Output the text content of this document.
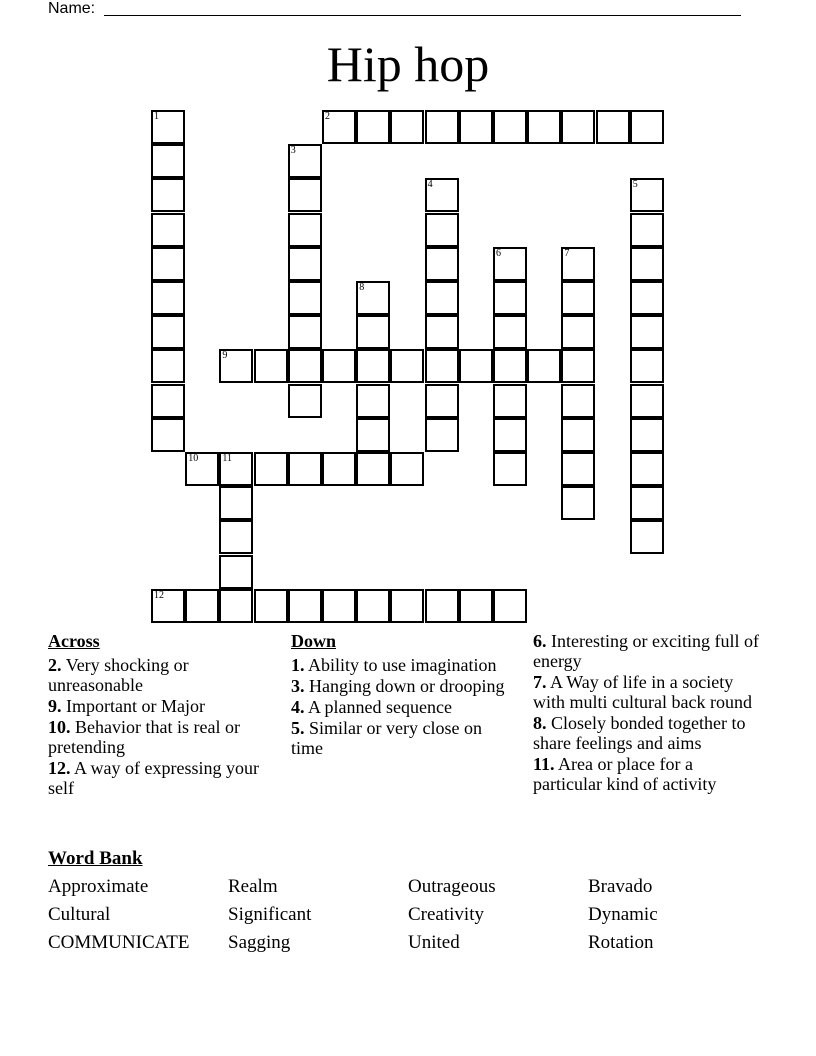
Name:
Hip hop
1	2
3
4	5
6	7
8
9
10 11
12
Across
2. Very shocking or unreasonable
9. Important or Major
10. Behavior that is real or pretending
12. A way of expressing your self
Down
1. Ability to use imagination
3. Hanging down or drooping
4. A planned sequence
5. Similar or very close on time
6. Interesting or exciting full of energy
7. A Way of life in a society with multi cultural back round
8. Closely bonded together to share feelings and aims
11. Area or place for a particular kind of activity
Word Bank
Approximate	Realm	Outrageous	Bravado
Cultural	Significant	Creativity	Dynamic
COMMUNICATE Sagging	United	Rotation
